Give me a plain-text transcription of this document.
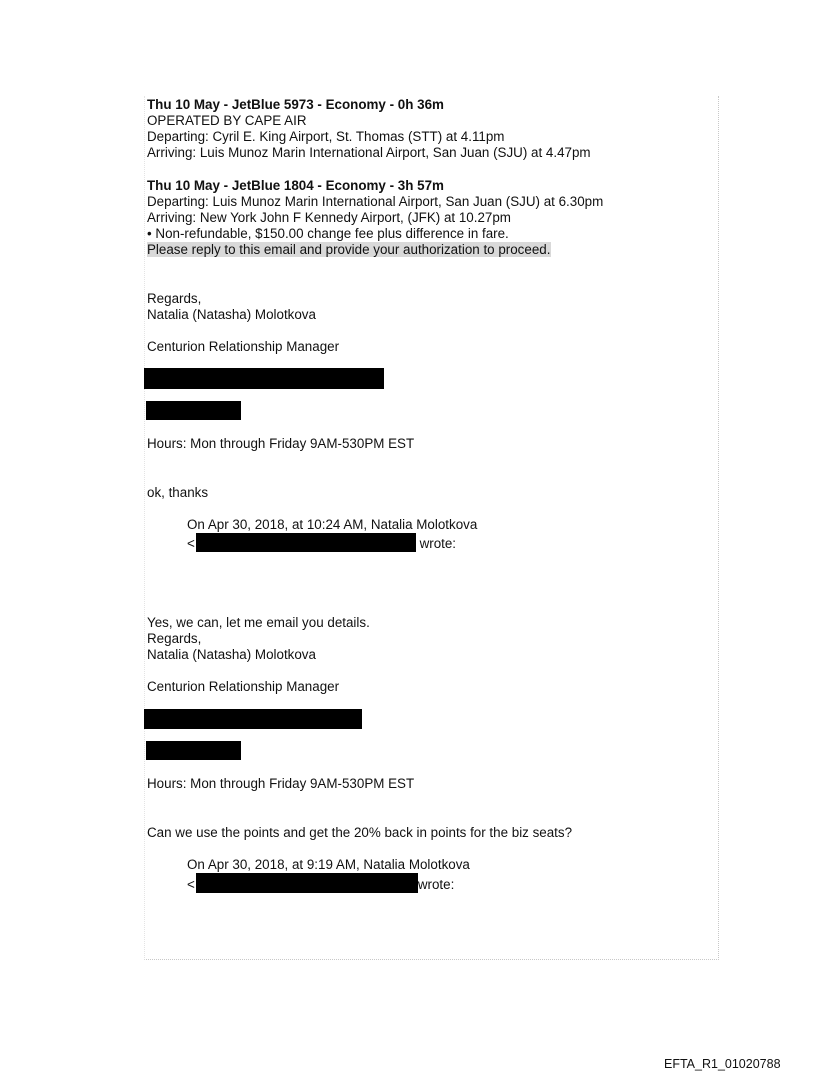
Thu 10 May - JetBlue 5973 - Economy - 0h 36m
OPERATED BY CAPE AIR
Departing: Cyril E. King Airport, St. Thomas (STT) at 4.11pm
Arriving: Luis Munoz Marin International Airport, San Juan (SJU) at 4.47pm
Thu 10 May - JetBlue 1804 - Economy - 3h 57m
Departing: Luis Munoz Marin International Airport, San Juan (SJU) at 6.30pm
Arriving: New York John F Kennedy Airport, (JFK) at 10.27pm
• Non-refundable, $150.00 change fee plus difference in fare.
Please reply to this email and provide your authorization to proceed.
Regards,
Natalia (Natasha) Molotkova
Centurion Relationship Manager
Hours: Mon through Friday 9AM-530PM EST
ok, thanks
On Apr 30, 2018, at 10:24 AM, Natalia Molotkova
<	wrote:
Yes, we can, let me email you details.
Regards,
Natalia (Natasha) Molotkova
Centurion Relationship Manager
Hours: Mon through Friday 9AM-530PM EST
Can we use the points and get the 20% back in points for the biz seats?
On Apr 30, 2018, at 9:19 AM, Natalia Molotkova
<	wrote:
EFTA_R1_01020788
